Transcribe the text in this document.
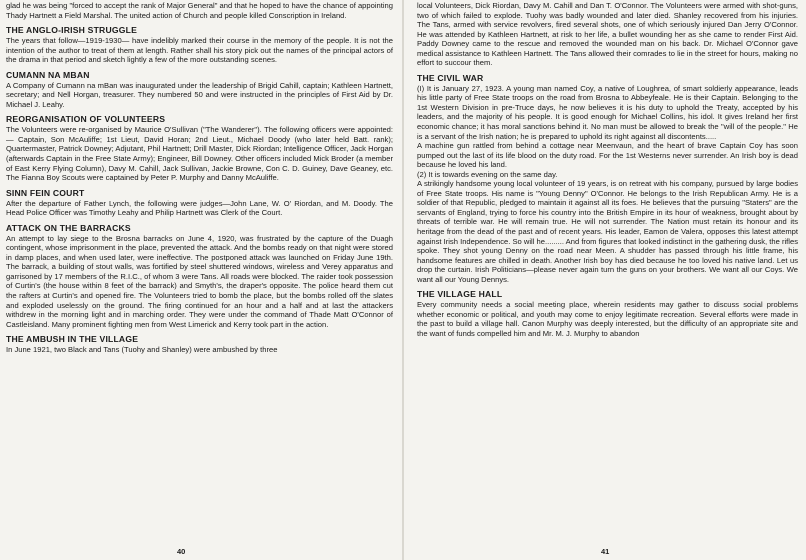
glad he was being "forced to accept the rank of Major General" and that he hoped to have the chance of appointing Thady Hartnett a Field Marshal. The united action of Church and people killed Conscription in Ireland.

THE ANGLO-IRISH STRUGGLE

The years that follow—1919-1930— have indelibly marked their course in the memory of the people. It is not the intention of the author to treat of them at length. Rather shall his story pick out the names of the principal actors of the drama in that period and sketch lightly a few of the more outstanding scenes.

CUMANN NA MBAN

A Company of Cumann na mBan was inaugurated under the leadership of Brigid Cahill, captain; Kathleen Hartnett, secretary; and Nell Horgan, treasurer. They numbered 50 and were instructed in the principles of First Aid by Dr. Michael J. Leahy.

REORGANISATION OF VOLUNTEERS

The Volunteers were re-organised by Maurice O'Sullivan ("The Wanderer"). The following officers were appointed:— Captain, Son McAuliffe; 1st Lieut, David Horan; 2nd Lieut., Michael Doody (who later held Batt. rank); Quartermaster, Patrick Downey; Adjutant, Phil Hartnett; Drill Master, Dick Riordan; Intelligence Officer, Jack Horgan (afterwards Captain in the Free State Army); Engineer, Bill Downey. Other officers included Mick Broder (a member of East Kerry Flying Column), Davy M. Cahill, Jack Sullivan, Jackie Browne, Con C. D. Guiney, Dave Geaney, etc. The Fianna Boy Scouts were captained by Peter P. Murphy and Danny McAuliffe.

SINN FEIN COURT

After the departure of Father Lynch, the following were judges—John Lane, W. O' Riordan, and M. Doody. The Head Police Officer was Timothy Leahy and Philip Hartnett was Clerk of the Court.

ATTACK ON THE BARRACKS

An attempt to lay siege to the Brosna barracks on June 4, 1920, was frustrated by the capture of the Duagh contingent, whose imprisonment in the place, prevented the attack. And the bombs ready on that night were stored in damp places, and when used later, were ineffective. The postponed attack was launched on Friday June 19th. The barrack, a building of stout walls, was fortified by steel shuttered windows, wireless and Verey apparatus and garrisoned by 17 members of the R.I.C., of whom 3 were Tans. All roads were blocked. The raider took possession of Curtin's (the house within 8 feet of the barrack) and Smyth's, the draper's opposite. The police heard them cut the rafters at Curtin's and opened fire. The Volunteers tried to bomb the place, but the bombs rolled off the slates and exploded uselessly on the ground. The firing continued for an hour and a half and at last the attackers withdrew in the morning light and in marching order. They were under the command of Thade Matt O'Connor of Castleisland. Many prominent fighting men from West Limerick and Kerry took part in the action.

THE AMBUSH IN THE VILLAGE

In June 1921, two Black and Tans (Tuohy and Shanley) were ambushed by three

40

local Volunteers, Dick Riordan, Davy M. Cahill and Dan T. O'Connor. The Volunteers were armed with shot-guns, two of which failed to explode. Tuohy was badly wounded and later died. Shanley recovered from his injuries. The Tans, armed with service revolvers, fired several shots, one of which seriously injured Dan Jerry O'Connor. He was attended by Kathleen Hartnett, at risk to her life, a bullet wounding her as she came to render First Aid. Paddy Downey came to the rescue and removed the wounded man on his back. Dr. Michael O'Connor gave medical assistance to Kathleen Hartnett. The Tans allowed their comrades to lie in the street for hours, making no effort to succour them.

THE CIVIL WAR

(I) It is January 27, 1923. A young man named Coy, a native of Loughrea, of smart soldierly appearance, leads his little party of Free State troops on the road from Brosna to Abbeyfeale. He is their Captain. Belonging to the 1st Western Division in pre-Truce days, he now believes it is his duty to uphold the Treaty, accepted by his leaders, and the majority of his people. It is good enough for Michael Collins, his idol. It gives Ireland her first economic chance; it has moral sanctions behind it. No man must be allowed to break the "will of the people." He is a servant of the Irish nation; he is prepared to uphold its right against all discontents.....

A machine gun rattled from behind a cottage near Meenvaun, and the heart of brave Captain Coy has soon pumped out the last of its life blood on the duty road. For the 1st Westerns never surrender. An Irish boy is dead because he loved his land.

(2) It is towards evening on the same day.

A strikingly handsome young local volunteer of 19 years, is on retreat with his company, pursued by large bodies of Free State troops. His name is "Young Denny" O'Connor. He belongs to the Irish Republican Army. He is a soldier of that Republic, pledged to maintain it against all its foes. He believes that the pursuing "Staters" are the servants of England, trying to force his country into the British Empire in its hour of weakness, brought about by threats of terrible war. He will remain true. He will not surrender. The Nation must retain its honour and its heritage from the dead of the past and of recent years. His leader, Eamon de Valera, opposes this latest attempt against Irish Independence. So will he......... And from figures that looked indistinct in the gathering dusk, the rifles spoke. They shot young Denny on the road near Meen. A shudder has passed through his little frame, his handsome features are chilled in death. Another Irish boy has died because he too loved his native land. Let us drop the curtain. Irish Politicians—please never again turn the guns on your brothers. We want all our Coys. We want all our Young Dennys.

THE VILLAGE HALL

Every community needs a social meeting place, wherein residents may gather to discuss social problems whether economic or political, and youth may come to enjoy legitimate recreation. Several efforts were made in the past to build a village hall. Canon Murphy was deeply interested, but the difficulty of an appropriate site and the want of funds compelled him and Mr. M. J. Murphy to abandon

41
